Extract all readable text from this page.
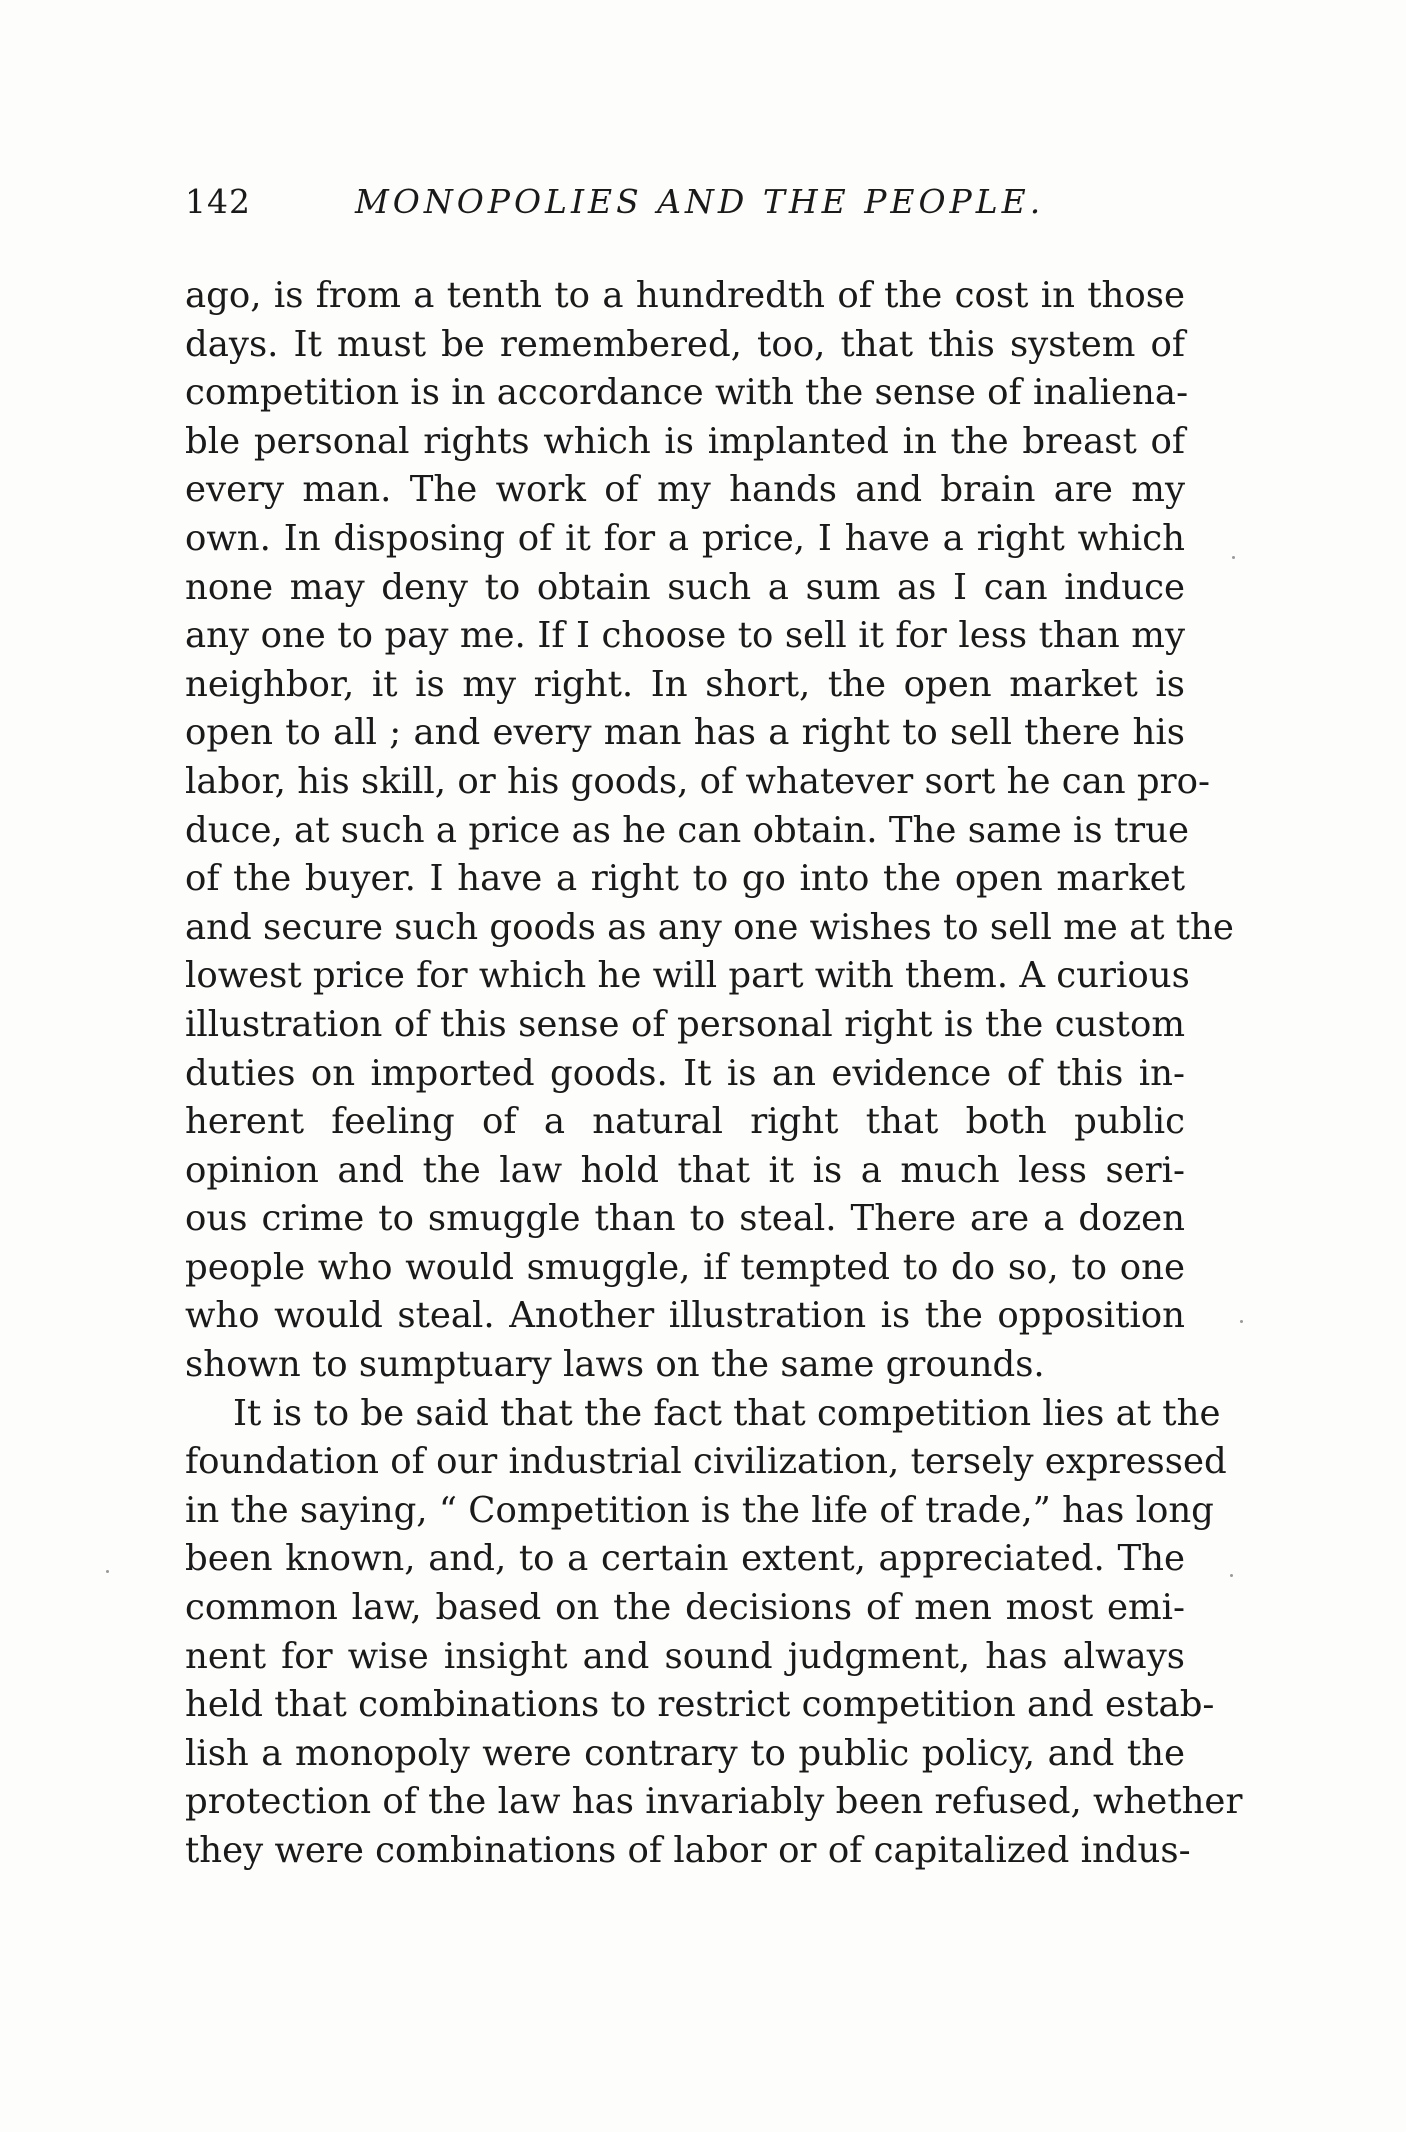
142	MONOPOLIES AND THE PEOPLE.
ago, is from a tenth to a hundredth of the cost in those
days. It must be remembered, too, that this system of
competition is in accordance with the sense of inaliena-
ble personal rights which is implanted in the breast of
every man. The work of my hands and brain are my
own. In disposing of it for a price, I have a right which
none may deny to obtain such a sum as I can induce
any one to pay me. If I choose to sell it for less than my
neighbor, it is my right. In short, the open market is
open to all ; and every man has a right to sell there his
labor, his skill, or his goods, of whatever sort he can pro-
duce, at such a price as he can obtain. The same is true
of the buyer. I have a right to go into the open market
and secure such goods as any one wishes to sell me at the
lowest price for which he will part with them. A curious
illustration of this sense of personal right is the custom
duties on imported goods. It is an evidence of this in-
herent feeling of a natural right that both public
opinion and the law hold that it is a much less seri-
ous crime to smuggle than to steal. There are a dozen
people who would smuggle, if tempted to do so, to one
who would steal. Another illustration is the opposition
shown to sumptuary laws on the same grounds.
It is to be said that the fact that competition lies at the
foundation of our industrial civilization, tersely expressed
in the saying, “ Competition is the life of trade,” has long
been known, and, to a certain extent, appreciated. The
common law, based on the decisions of men most emi-
nent for wise insight and sound judgment, has always
held that combinations to restrict competition and estab-
lish a monopoly were contrary to public policy, and the
protection of the law has invariably been refused, whether
they were combinations of labor or of capitalized indus-
